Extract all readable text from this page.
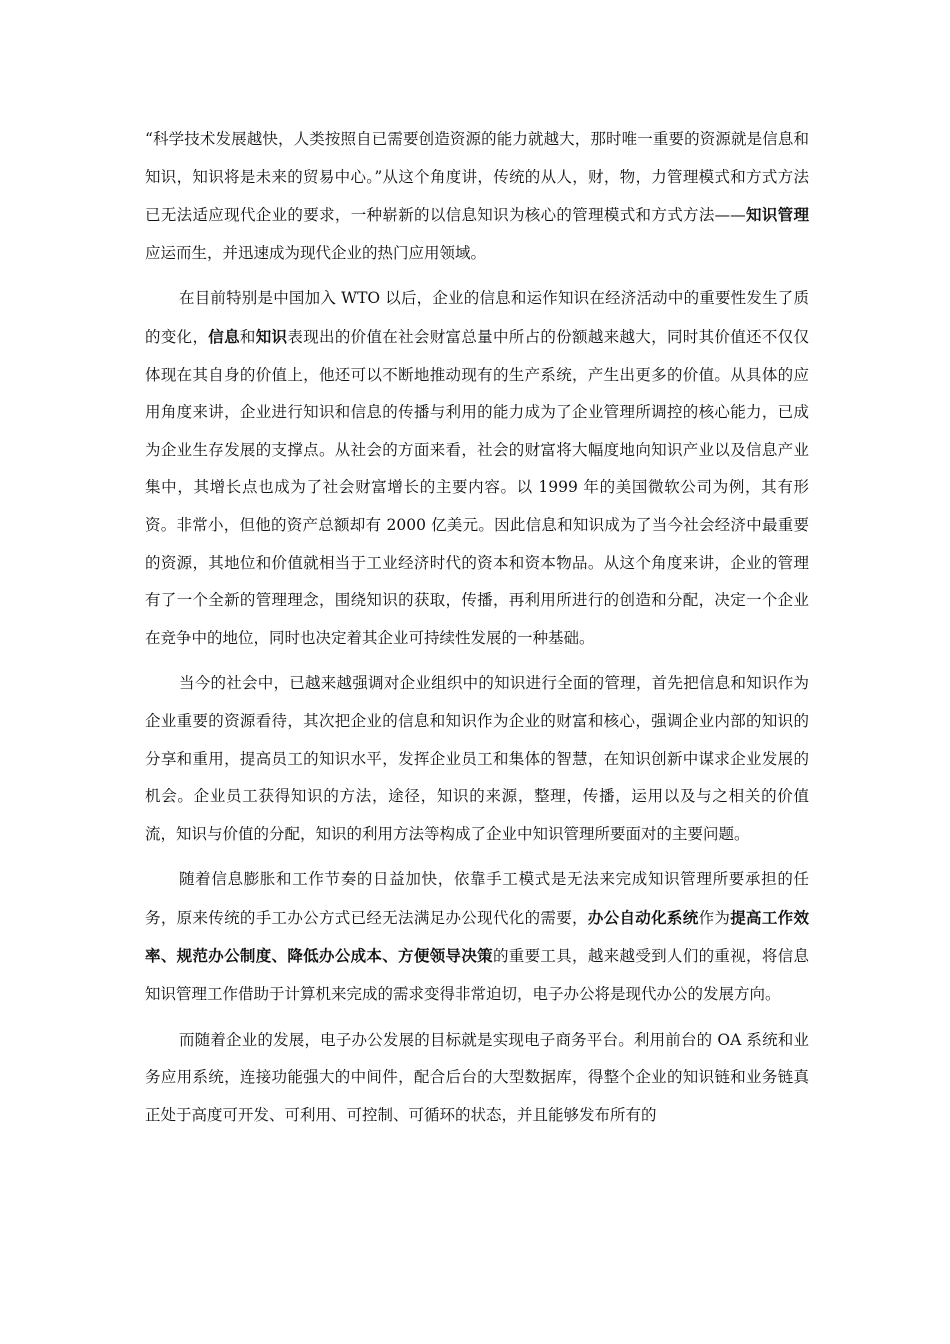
“科学技术发展越快，人类按照自已需要创造资源的能力就越大，那时唯一重要的资源就是信息和知识，知识将是未来的贸易中心。”从这个角度讲，传统的从人，财，物，力管理模式和方式方法已无法适应现代企业的要求，一种崭新的以信息知识为核心的管理模式和方式方法——知识管理应运而生，并迅速成为现代企业的热门应用领域。

在目前特别是中国加入 WTO 以后，企业的信息和运作知识在经济活动中的重要性发生了质的变化，信息和知识表现出的价值在社会财富总量中所占的份额越来越大，同时其价值还不仅仅体现在其自身的价值上，他还可以不断地推动现有的生产系统，产生出更多的价值。从具体的应用角度来讲，企业进行知识和信息的传播与利用的能力成为了企业管理所调控的核心能力，已成为企业生存发展的支撑点。从社会的方面来看，社会的财富将大幅度地向知识产业以及信息产业集中，其增长点也成为了社会财富增长的主要内容。以 1999 年的美国微软公司为例，其有形资。非常小，但他的资产总额却有 2000 亿美元。因此信息和知识成为了当今社会经济中最重要的资源，其地位和价值就相当于工业经济时代的资本和资本物品。从这个角度来讲，企业的管理有了一个全新的管理理念，围绕知识的获取，传播，再利用所进行的创造和分配，决定一个企业在竞争中的地位，同时也决定着其企业可持续性发展的一种基础。

当今的社会中，已越来越强调对企业组织中的知识进行全面的管理，首先把信息和知识作为企业重要的资源看待，其次把企业的信息和知识作为企业的财富和核心，强调企业内部的知识的分享和重用，提高员工的知识水平，发挥企业员工和集体的智慧，在知识创新中谋求企业发展的机会。企业员工获得知识的方法，途径，知识的来源，整理，传播，运用以及与之相关的价值流，知识与价值的分配，知识的利用方法等构成了企业中知识管理所要面对的主要问题。

随着信息膨胀和工作节奏的日益加快，依靠手工模式是无法来完成知识管理所要承担的任务，原来传统的手工办公方式已经无法满足办公现代化的需要，办公自动化系统作为提高工作效率、规范办公制度、降低办公成本、方便领导决策的重要工具，越来越受到人们的重视，将信息知识管理工作借助于计算机来完成的需求变得非常迫切，电子办公将是现代办公的发展方向。

而随着企业的发展，电子办公发展的目标就是实现电子商务平台。利用前台的 OA 系统和业务应用系统，连接功能强大的中间件，配合后台的大型数据库，得整个企业的知识链和业务链真正处于高度可开发、可利用、可控制、可循环的状态，并且能够发布所有的
